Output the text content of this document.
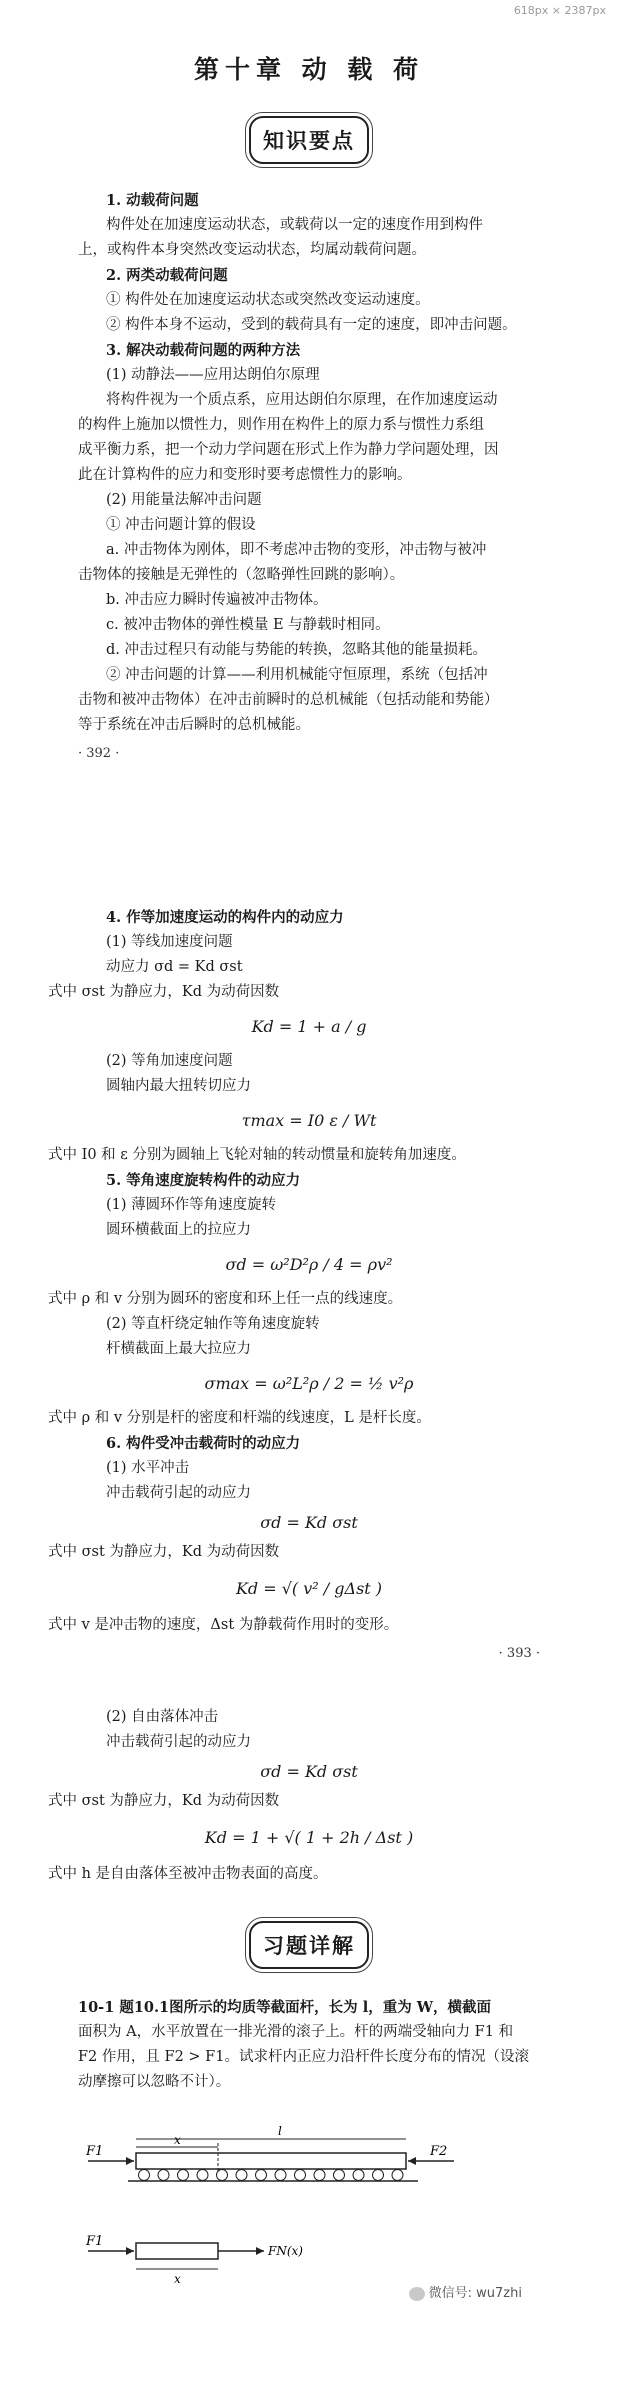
618px × 2387px
第十章 动 载 荷
知识要点
1. 动载荷问题
构件处在加速度运动状态，或载荷以一定的速度作用到构件
上，或构件本身突然改变运动状态，均属动载荷问题。
2. 两类动载荷问题
① 构件处在加速度运动状态或突然改变运动速度。
② 构件本身不运动，受到的载荷具有一定的速度，即冲击问题。
3. 解决动载荷问题的两种方法
(1) 动静法——应用达朗伯尔原理
将构件视为一个质点系，应用达朗伯尔原理，在作加速度运动
的构件上施加以惯性力，则作用在构件上的原力系与惯性力系组
成平衡力系，把一个动力学问题在形式上作为静力学问题处理，因
此在计算构件的应力和变形时要考虑惯性力的影响。
(2) 用能量法解冲击问题
① 冲击问题计算的假设
a. 冲击物体为刚体，即不考虑冲击物的变形，冲击物与被冲
击物体的接触是无弹性的（忽略弹性回跳的影响）。
b. 冲击应力瞬时传遍被冲击物体。
c. 被冲击物体的弹性模量 E 与静载时相同。
d. 冲击过程只有动能与势能的转换，忽略其他的能量损耗。
② 冲击问题的计算——利用机械能守恒原理，系统（包括冲
击物和被冲击物体）在冲击前瞬时的总机械能（包括动能和势能）
等于系统在冲击后瞬时的总机械能。
· 392 ·
4. 作等加速度运动的构件内的动应力
(1) 等线加速度问题
动应力 σd = Kd σst
式中 σst 为静应力，Kd 为动荷因数
Kd = 1 + a / g
(2) 等角加速度问题
圆轴内最大扭转切应力
τmax = I0 ε / Wt
式中 I0 和 ε 分别为圆轴上飞轮对轴的转动惯量和旋转角加速度。
5. 等角速度旋转构件的动应力
(1) 薄圆环作等角速度旋转
圆环横截面上的拉应力
σd = ω²D²ρ / 4 = ρv²
式中 ρ 和 v 分别为圆环的密度和环上任一点的线速度。
(2) 等直杆绕定轴作等角速度旋转
杆横截面上最大拉应力
σmax = ω²L²ρ / 2 = ½ v²ρ
式中 ρ 和 v 分别是杆的密度和杆端的线速度，L 是杆长度。
6. 构件受冲击载荷时的动应力
(1) 水平冲击
冲击载荷引起的动应力
σd = Kd σst
式中 σst 为静应力，Kd 为动荷因数
Kd = √( v² / gΔst )
式中 v 是冲击物的速度，Δst 为静载荷作用时的变形。
· 393 ·
(2) 自由落体冲击
冲击载荷引起的动应力
σd = Kd σst
式中 σst 为静应力，Kd 为动荷因数
Kd = 1 + √( 1 + 2h / Δst )
式中 h 是自由落体至被冲击物表面的高度。
习题详解
10-1 题10.1图所示的均质等截面杆，长为 l，重为 W，横截面
面积为 A，水平放置在一排光滑的滚子上。杆的两端受轴向力 F1 和
F2 作用，且 F2 > F1。试求杆内正应力沿杆件长度分布的情况（设滚
动摩擦可以忽略不计）。
F1	F2
x
l
F1
FN(x)
x
微信号: wu7zhi
